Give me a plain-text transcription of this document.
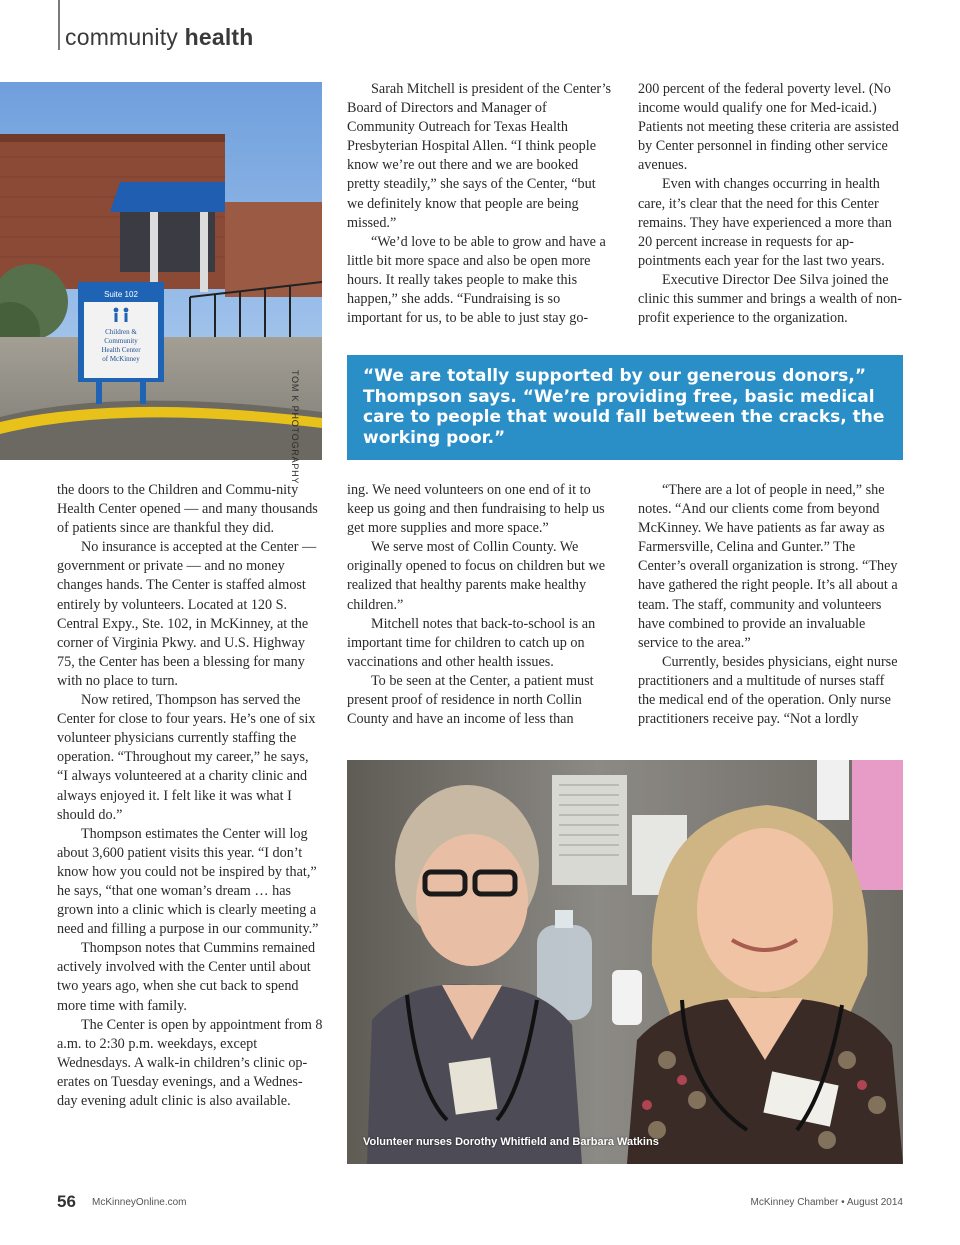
community health
Suite 102
Children &
Community
Health Center
of McKinney
TOM K PHOTOGRAPHY

Sarah Mitchell is president of the Center’s Board of Directors and Manager of Community Outreach for Texas Health Presbyterian Hospital Allen. “I think people know we’re out there and we are booked pretty steadily,” she says of the Center, “but we definitely know that people are being missed.”

“We’d love to be able to grow and have a little bit more space and also be open more hours. It really takes people to make this happen,” she adds. “Fundraising is so important for us, to be able to just stay go-

200 percent of the federal poverty level. (No income would qualify one for Med-icaid.) Patients not meeting these criteria are assisted by Center personnel in finding other service avenues.

Even with changes occurring in health care, it’s clear that the need for this Center remains. They have experienced a more than 20 percent increase in requests for ap-pointments each year for the last two years.

Executive Director Dee Silva joined the clinic this summer and brings a wealth of non-profit experience to the organization.

“We are totally supported by our generous donors,” Thompson says. “We’re providing free, basic medical care to people that would fall between the cracks, the working poor.”

the doors to the Children and Commu-nity Health Center opened — and many thousands of patients since are thankful they did.

No insurance is accepted at the Center — government or private — and no money changes hands. The Center is staffed almost entirely by volunteers. Located at 120 S. Central Expy., Ste. 102, in McKinney, at the corner of Virginia Pkwy. and U.S. Highway 75, the Center has been a blessing for many with no place to turn.

Now retired, Thompson has served the Center for close to four years. He’s one of six volunteer physicians currently staffing the operation. “Throughout my career,” he says, “I always volunteered at a charity clinic and always enjoyed it. I felt like it was what I should do.”

Thompson estimates the Center will log about 3,600 patient visits this year. “I don’t know how you could not be inspired by that,” he says, “that one woman’s dream … has grown into a clinic which is clearly meeting a need and filling a purpose in our community.”

Thompson notes that Cummins remained actively involved with the Center until about two years ago, when she cut back to spend more time with family.

The Center is open by appointment from 8 a.m. to 2:30 p.m. weekdays, except Wednesdays. A walk-in children’s clinic op-erates on Tuesday evenings, and a Wednes-day evening adult clinic is also available.

ing. We need volunteers on one end of it to keep us going and then fundraising to help us get more supplies and more space.”

We serve most of Collin County. We originally opened to focus on children but we realized that healthy parents make healthy children.”

Mitchell notes that back-to-school is an important time for children to catch up on vaccinations and other health issues.

To be seen at the Center, a patient must present proof of residence in north Collin County and have an income of less than

“There are a lot of people in need,” she notes. “And our clients come from beyond McKinney. We have patients as far away as Farmersville, Celina and Gunter.” The Center’s overall organization is strong. “They have gathered the right people. It’s all about a team. The staff, community and volunteers have combined to provide an invaluable service to the area.”

Currently, besides physicians, eight nurse practitioners and a multitude of nurses staff the medical end of the operation. Only nurse practitioners receive pay. “Not a lordly

Volunteer nurses Dorothy Whitfield and Barbara Watkins
56 McKinneyOnline.com	McKinney Chamber • August 2014
